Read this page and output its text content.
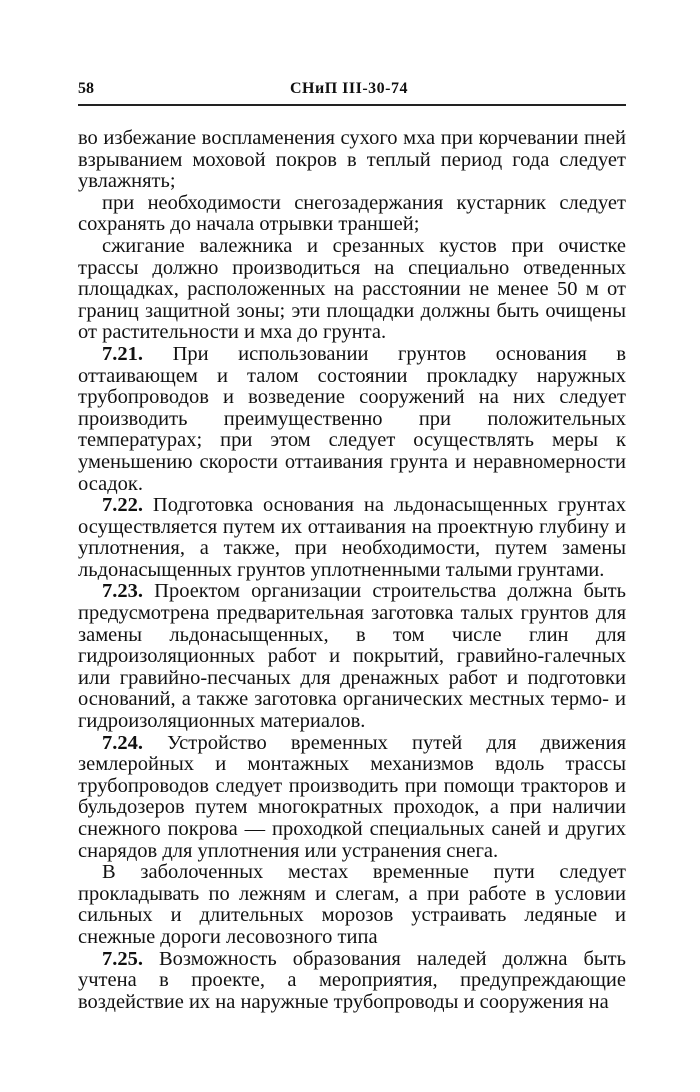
58	СНиП III-30-74

во избежание воспламенения сухого мха при корчевании пней взрыванием моховой покров в теплый период года следует увлажнять;

при необходимости снегозадержания кустарник следует сохранять до начала отрывки траншей;

сжигание валежника и срезанных кустов при очистке трассы должно производиться на специально отведенных площадках, расположенных на расстоянии не менее 50 м от границ защитной зоны; эти площадки должны быть очищены от растительности и мха до грунта.

7.21. При использовании грунтов основания в оттаивающем и талом состоянии прокладку наружных трубопроводов и возведение сооружений на них следует производить преимущественно при положительных температурах; при этом следует осуществлять меры к уменьшению скорости оттаивания грунта и неравномерности осадок.

7.22. Подготовка основания на льдонасыщенных грунтах осуществляется путем их оттаивания на проектную глубину и уплотнения, а также, при необходимости, путем замены льдонасыщенных грунтов уплотненными талыми грунтами.

7.23. Проектом организации строительства должна быть предусмотрена предварительная заготовка талых грунтов для замены льдонасыщенных, в том числе глин для гидроизоляционных работ и покрытий, гравийно-галечных или гравийно-песчаных для дренажных работ и подготовки оснований, а также заготовка органических местных термо- и гидроизоляционных материалов.

7.24. Устройство временных путей для движения землеройных и монтажных механизмов вдоль трассы трубопроводов следует производить при помощи тракторов и бульдозеров путем многократных проходок, а при наличии снежного покрова — проходкой специальных саней и других снарядов для уплотнения или устранения снега.

В заболоченных местах временные пути следует прокладывать по лежням и слегам, а при работе в условии сильных и длительных морозов устраивать ледяные и снежные дороги лесовозного типа

7.25. Возможность образования наледей должна быть учтена в проекте, а мероприятия, предупреждающие воздействие их на наружные трубопроводы и сооружения на
